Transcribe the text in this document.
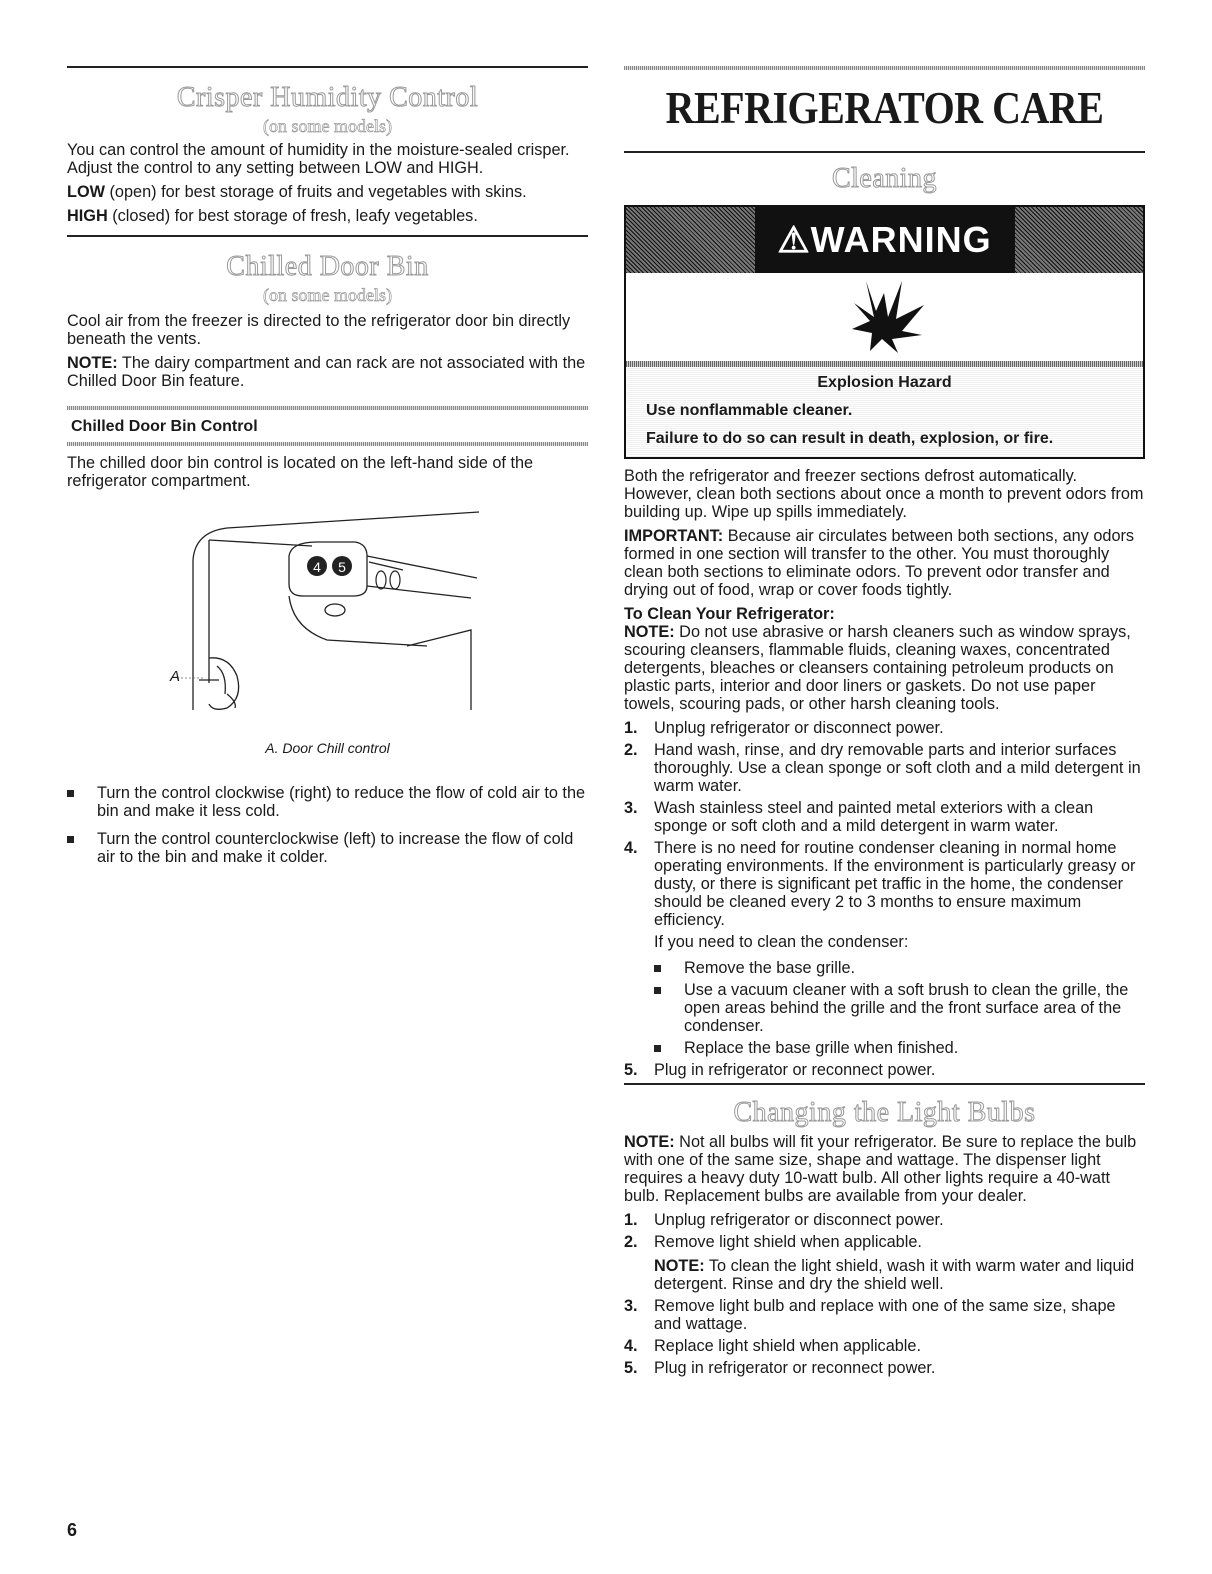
Crisper Humidity Control
(on some models)

You can control the amount of humidity in the moisture-sealed crisper. Adjust the control to any setting between LOW and HIGH.

LOW (open) for best storage of fruits and vegetables with skins.

HIGH (closed) for best storage of fresh, leafy vegetables.

Chilled Door Bin
(on some models)

Cool air from the freezer is directed to the refrigerator door bin directly beneath the vents.

NOTE: The dairy compartment and can rack are not associated with the Chilled Door Bin feature.

Chilled Door Bin Control

The chilled door bin control is located on the left-hand side of the refrigerator compartment.

4 5
A
A. Door Chill control
Turn the control clockwise (right) to reduce the flow of cold air to the bin and make it less cold.
Turn the control counterclockwise (left) to increase the flow of cold air to the bin and make it colder.
REFRIGERATOR CARE
Cleaning
⚠WARNING

Explosion Hazard

Use nonflammable cleaner.

Failure to do so can result in death, explosion, or fire.

Both the refrigerator and freezer sections defrost automatically. However, clean both sections about once a month to prevent odors from building up. Wipe up spills immediately.

IMPORTANT: Because air circulates between both sections, any odors formed in one section will transfer to the other. You must thoroughly clean both sections to eliminate odors. To prevent odor transfer and drying out of food, wrap or cover foods tightly.

To Clean Your Refrigerator:

NOTE: Do not use abrasive or harsh cleaners such as window sprays, scouring cleansers, flammable fluids, cleaning waxes, concentrated detergents, bleaches or cleansers containing petroleum products on plastic parts, interior and door liners or gaskets. Do not use paper towels, scouring pads, or other harsh cleaning tools.

1. Unplug refrigerator or disconnect power.
2. Hand wash, rinse, and dry removable parts and interior surfaces thoroughly. Use a clean sponge or soft cloth and a mild detergent in warm water.
3. Wash stainless steel and painted metal exteriors with a clean sponge or soft cloth and a mild detergent in warm water.
4. There is no need for routine condenser cleaning in normal home operating environments. If the environment is particularly greasy or dusty, or there is significant pet traffic in the home, the condenser should be cleaned every 2 to 3 months to ensure maximum efficiency.

If you need to clean the condenser:

Remove the base grille.
Use a vacuum cleaner with a soft brush to clean the grille, the open areas behind the grille and the front surface area of the condenser.
Replace the base grille when finished.
5. Plug in refrigerator or reconnect power.
Changing the Light Bulbs

NOTE: Not all bulbs will fit your refrigerator. Be sure to replace the bulb with one of the same size, shape and wattage. The dispenser light requires a heavy duty 10-watt bulb. All other lights require a 40-watt bulb. Replacement bulbs are available from your dealer.

1. Unplug refrigerator or disconnect power.
2. Remove light shield when applicable.

NOTE: To clean the light shield, wash it with warm water and liquid detergent. Rinse and dry the shield well.

3. Remove light bulb and replace with one of the same size, shape and wattage.
4. Replace light shield when applicable.
5. Plug in refrigerator or reconnect power.
6
